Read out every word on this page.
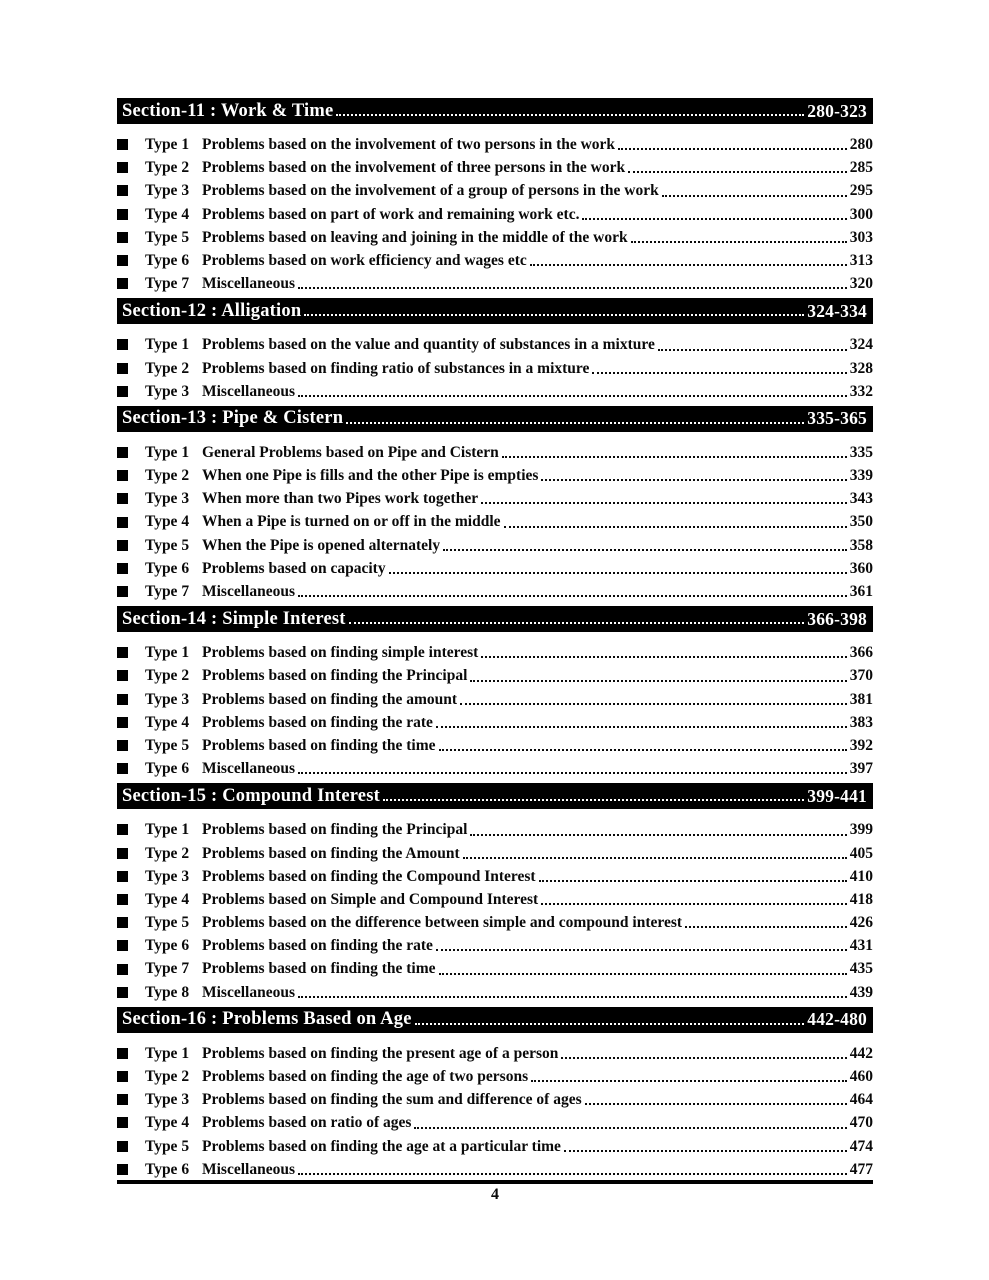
Section-11 : Work & Time	280-323
Type 1 Problems based on the involvement of two persons in the work	280
Type 2 Problems based on the involvement of three persons in the work	285
Type 3 Problems based on the involvement of a group of persons in the work	295
Type 4 Problems based on part of work and remaining work etc.	300
Type 5 Problems based on leaving and joining in the middle of the work	303
Type 6 Problems based on work efficiency and wages etc	313
Type 7 Miscellaneous	320
Section-12 : Alligation	324-334
Type 1 Problems based on the value and quantity of substances in a mixture	324
Type 2 Problems based on finding ratio of substances in a mixture	328
Type 3 Miscellaneous	332
Section-13 : Pipe & Cistern	335-365
Type 1 General Problems based on Pipe and Cistern	335
Type 2 When one Pipe is fills and the other Pipe is empties	339
Type 3 When more than two Pipes work together	343
Type 4 When a Pipe is turned on or off in the middle	350
Type 5 When the Pipe is opened alternately	358
Type 6 Problems based on capacity	360
Type 7 Miscellaneous	361
Section-14 : Simple Interest	366-398
Type 1 Problems based on finding simple interest	366
Type 2 Problems based on finding the Principal	370
Type 3 Problems based on finding the amount	381
Type 4 Problems based on finding the rate	383
Type 5 Problems based on finding the time	392
Type 6 Miscellaneous	397
Section-15 : Compound Interest	399-441
Type 1 Problems based on finding the Principal	399
Type 2 Problems based on finding the Amount	405
Type 3 Problems based on finding the Compound Interest	410
Type 4 Problems based on Simple and Compound Interest	418
Type 5 Problems based on the difference between simple and compound interest	426
Type 6 Problems based on finding the rate	431
Type 7 Problems based on finding the time	435
Type 8 Miscellaneous	439
Section-16 : Problems Based on Age	442-480
Type 1 Problems based on finding the present age of a person	442
Type 2 Problems based on finding the age of two persons	460
Type 3 Problems based on finding the sum and difference of ages	464
Type 4 Problems based on ratio of ages	470
Type 5 Problems based on finding the age at a particular time	474
Type 6 Miscellaneous	477
4
